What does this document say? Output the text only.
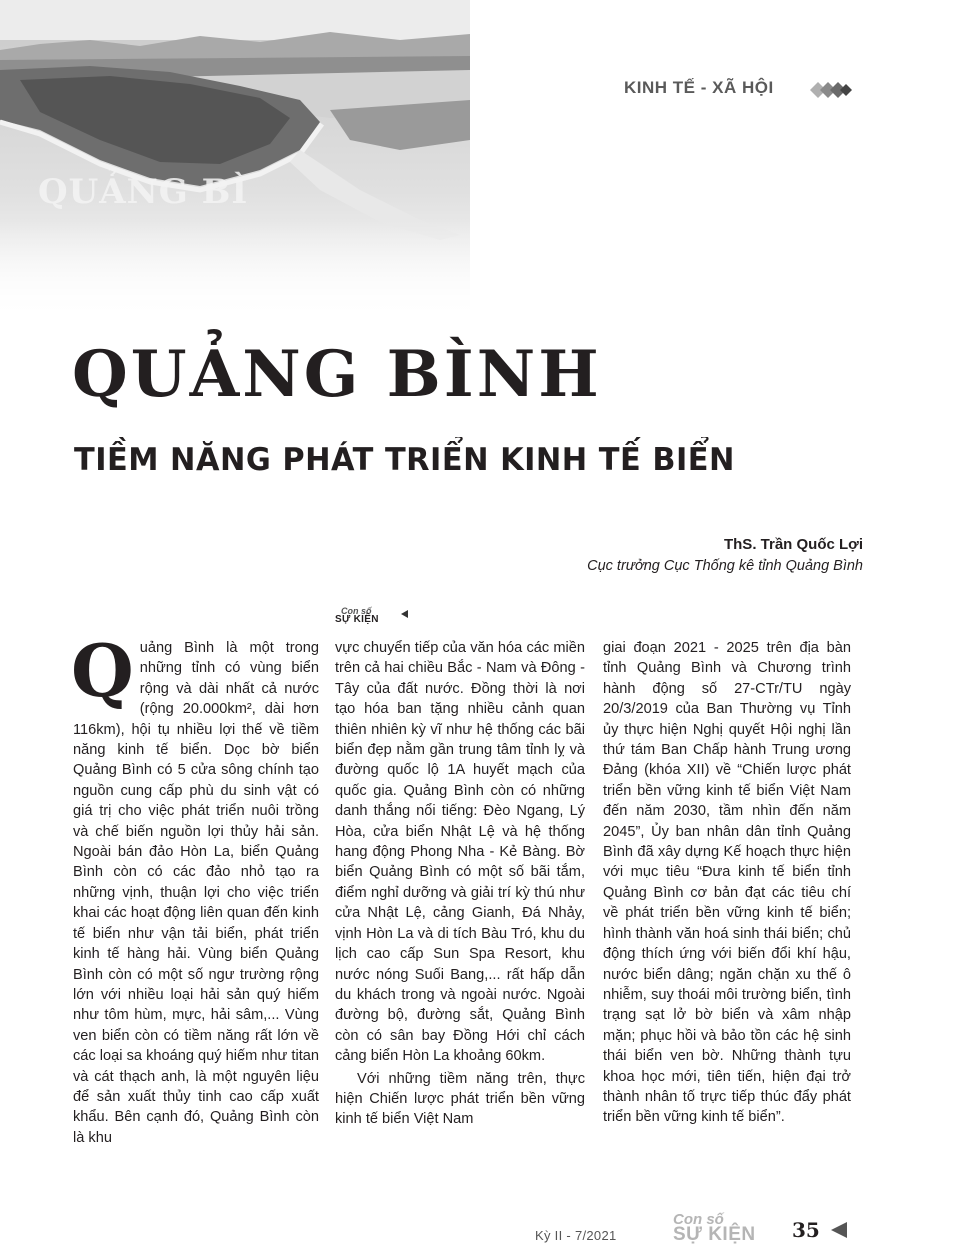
QUẢNG BÌ
KINH TẾ - XÃ HỘI
QUẢNG BÌNH
TIỀM NĂNG PHÁT TRIỂN KINH TẾ BIỂN
ThS. Trần Quốc Lợi
Cục trưởng Cục Thống kê tỉnh Quảng Bình
Con số
SỰ KIỆN

Quảng Bình là một trong những tỉnh có vùng biển rộng và dài nhất cả nước (rộng 20.000km², dài hơn 116km), hội tụ nhiều lợi thế về tiềm năng kinh tế biển. Dọc bờ biển Quảng Bình có 5 cửa sông chính tạo nguồn cung cấp phù du sinh vật có giá trị cho việc phát triển nuôi trồng và chế biến nguồn lợi thủy hải sản. Ngoài bán đảo Hòn La, biển Quảng Bình còn có các đảo nhỏ tạo ra những vịnh, thuận lợi cho việc triển khai các hoạt động liên quan đến kinh tế biển như vận tải biển, phát triển kinh tế hàng hải. Vùng biển Quảng Bình còn có một số ngư trường rộng lớn với nhiều loại hải sản quý hiếm như tôm hùm, mực, hải sâm,... Vùng ven biển còn có tiềm năng rất lớn về các loại sa khoáng quý hiếm như titan và cát thạch anh, là một nguyên liệu để sản xuất thủy tinh cao cấp xuất khẩu. Bên cạnh đó, Quảng Bình còn là khu

vực chuyển tiếp của văn hóa các miền trên cả hai chiều Bắc - Nam và Đông - Tây của đất nước. Đồng thời là nơi tạo hóa ban tặng nhiều cảnh quan thiên nhiên kỳ vĩ như hệ thống các bãi biển đẹp nằm gần trung tâm tỉnh lỵ và đường quốc lộ 1A huyết mạch của quốc gia. Quảng Bình còn có những danh thắng nổi tiếng: Đèo Ngang, Lý Hòa, cửa biển Nhật Lệ và hệ thống hang động Phong Nha - Kẻ Bàng. Bờ biển Quảng Bình có một số bãi tắm, điểm nghỉ dưỡng và giải trí kỳ thú như cửa Nhật Lệ, cảng Gianh, Đá Nhảy, vịnh Hòn La và di tích Bàu Tró, khu du lịch cao cấp Sun Spa Resort, khu nước nóng Suối Bang,... rất hấp dẫn du khách trong và ngoài nước. Ngoài đường bộ, đường sắt, Quảng Bình còn có sân bay Đồng Hới chỉ cách cảng biển Hòn La khoảng 60km.

Với những tiềm năng trên, thực hiện Chiến lược phát triển bền vững kinh tế biển Việt Nam

giai đoạn 2021 - 2025 trên địa bàn tỉnh Quảng Bình và Chương trình hành động số 27-CTr/TU ngày 20/3/2019 của Ban Thường vụ Tỉnh ủy thực hiện Nghị quyết Hội nghị lần thứ tám Ban Chấp hành Trung ương Đảng (khóa XII) về “Chiến lược phát triển bền vững kinh tế biển Việt Nam đến năm 2030, tầm nhìn đến năm 2045”, Ủy ban nhân dân tỉnh Quảng Bình đã xây dựng Kế hoạch thực hiện với mục tiêu “Đưa kinh tế biển tỉnh Quảng Bình cơ bản đạt các tiêu chí về phát triển bền vững kinh tế biển; hình thành văn hoá sinh thái biển; chủ động thích ứng với biến đổi khí hậu, nước biển dâng; ngăn chặn xu thế ô nhiễm, suy thoái môi trường biển, tình trạng sạt lở bờ biển và xâm nhập mặn; phục hồi và bảo tồn các hệ sinh thái biển ven bờ. Những thành tựu khoa học mới, tiên tiến, hiện đại trở thành nhân tố trực tiếp thúc đẩy phát triển bền vững kinh tế biển”.

Kỳ II - 7/2021
Con số
SỰ KIỆN 35
